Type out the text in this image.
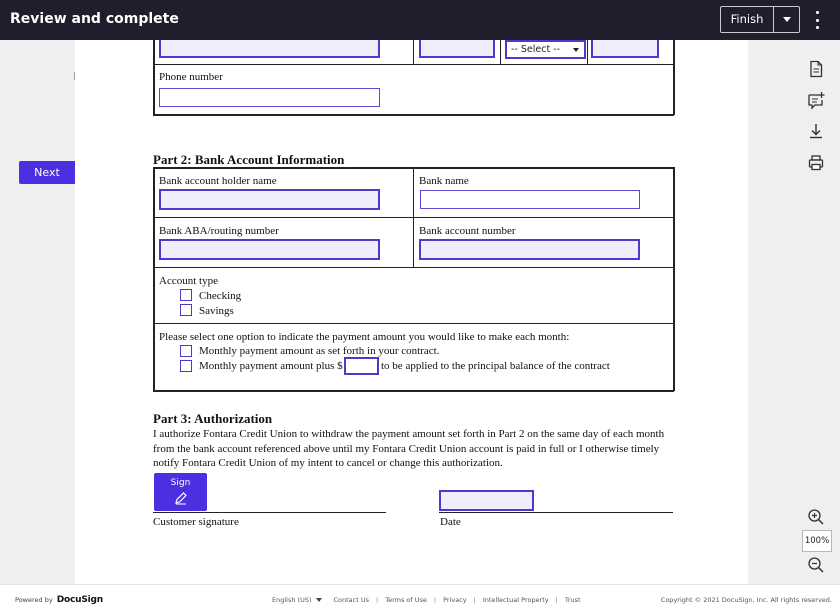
Review and complete	Finish
Next
-- Select --
Phone number
Part 2: Bank Account Information
Bank account holder name	Bank name
Bank ABA/routing number	Bank account number
Account type
Checking
Savings
Please select one option to indicate the payment amount you would like to make each month:
Monthly payment amount as set forth in your contract.
Monthly payment amount plus $	to be applied to the principal balance of the contract
Part 3: Authorization
I authorize Fontara Credit Union to withdraw the payment amount set forth in Part 2 on the same day of each month
from the bank account referenced above until my Fontara Credit Union account is paid in full or I otherwise timely
notify Fontara Credit Union of my intent to cancel or change this authorization.
Sign
Customer signature	Date
100%
Powered by DocuSign	English (US)	Contact Us | Terms of Use | Privacy | Intellectual Property | Trust	Copyright © 2021 DocuSign, Inc. All rights reserved.
